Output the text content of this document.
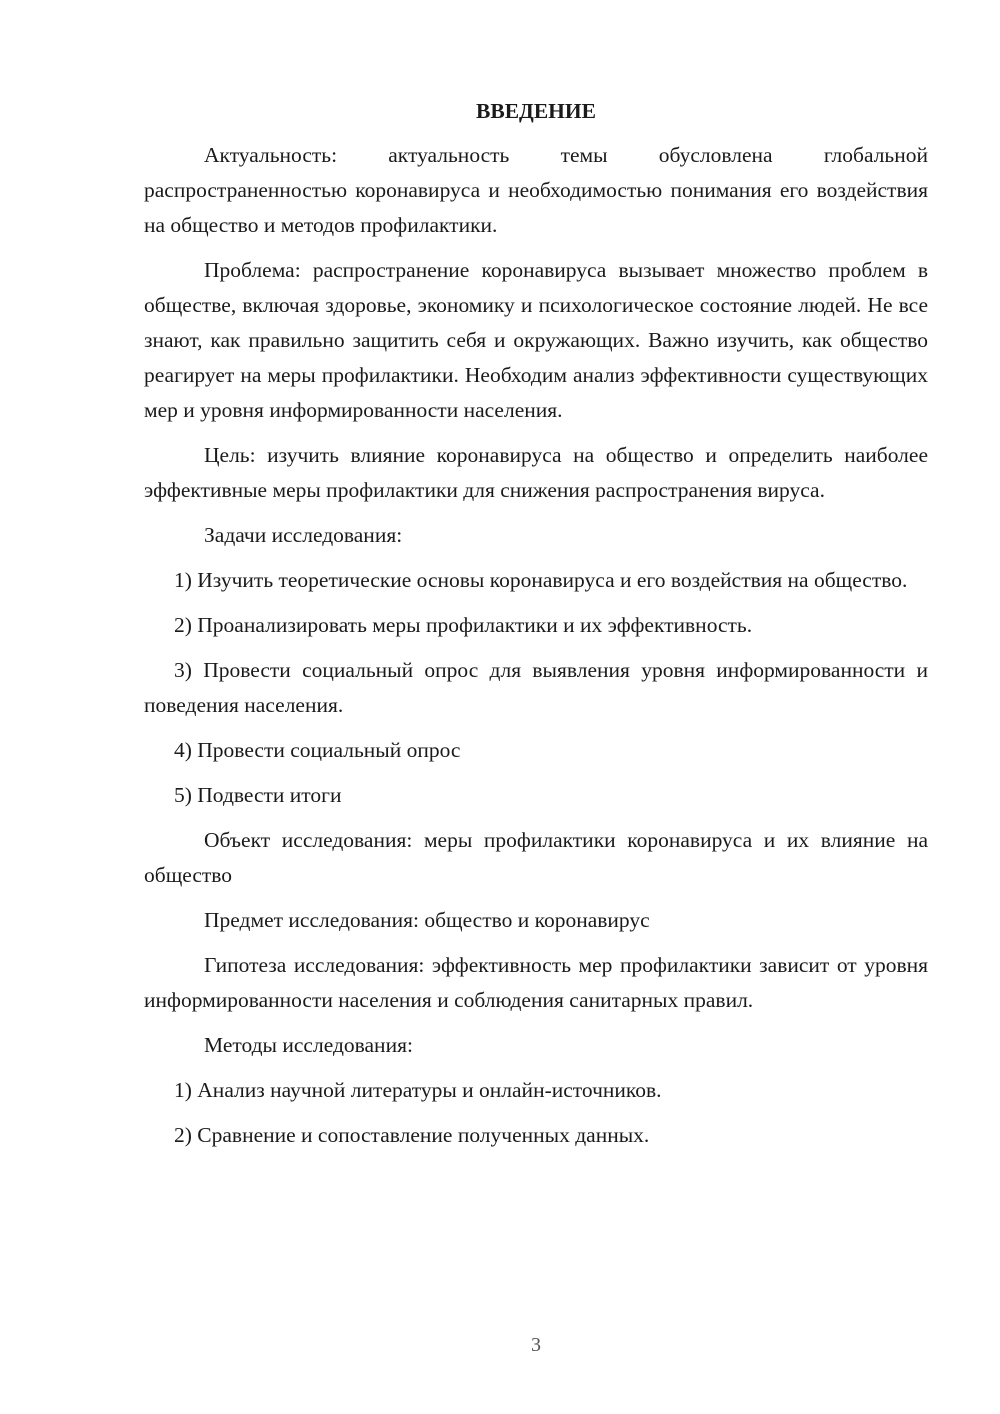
ВВЕДЕНИЕ

Актуальность: актуальность темы обусловлена глобальной распространенностью коронавируса и необходимостью понимания его воздействия на общество и методов профилактики.

Проблема: распространение коронавируса вызывает множество проблем в обществе, включая здоровье, экономику и психологическое состояние людей. Не все знают, как правильно защитить себя и окружающих. Важно изучить, как общество реагирует на меры профилактики. Необходим анализ эффективности существующих мер и уровня информированности населения.

Цель: изучить влияние коронавируса на общество и определить наиболее эффективные меры профилактики для снижения распространения вируса.

Задачи исследования:

1) Изучить теоретические основы коронавируса и его воздействия на общество.

2) Проанализировать меры профилактики и их эффективность.

3) Провести социальный опрос для выявления уровня информированности и поведения населения.

4) Провести социальный опрос

5) Подвести итоги

Объект исследования: меры профилактики коронавируса и их влияние на общество

Предмет исследования: общество и коронавирус

Гипотеза исследования: эффективность мер профилактики зависит от уровня информированности населения и соблюдения санитарных правил.

Методы исследования:

1) Анализ научной литературы и онлайн-источников.

2) Сравнение и сопоставление полученных данных.

3
